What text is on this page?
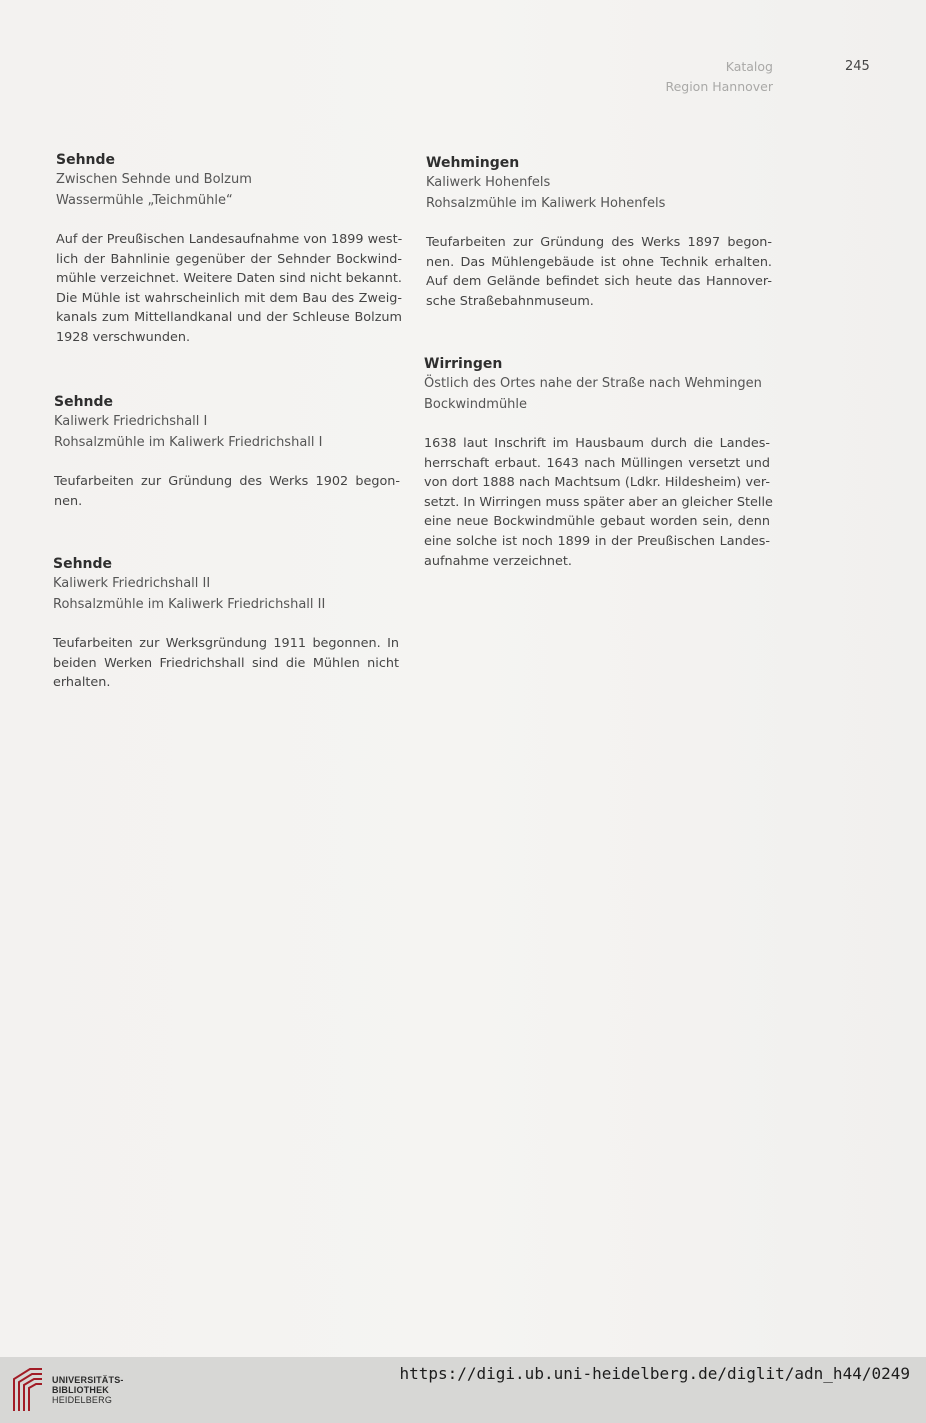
Katalog
Region Hannover
245
Sehnde
Zwischen Sehnde und Bolzum
Wassermühle „Teichmühle“
Auf der Preußischen Landesaufnahme von 1899 west-
lich der Bahnlinie gegenüber der Sehnder Bockwind-
mühle verzeichnet. Weitere Daten sind nicht bekannt.
Die Mühle ist wahrscheinlich mit dem Bau des Zweig-
kanals zum Mittellandkanal und der Schleuse Bolzum
1928 verschwunden.
Sehnde
Kaliwerk Friedrichshall I
Rohsalzmühle im Kaliwerk Friedrichshall I
Teufarbeiten zur Gründung des Werks 1902 begon-
nen.
Sehnde
Kaliwerk Friedrichshall II
Rohsalzmühle im Kaliwerk Friedrichshall II
Teufarbeiten zur Werksgründung 1911 begonnen. In
beiden Werken Friedrichshall sind die Mühlen nicht
erhalten.
Wehmingen
Kaliwerk Hohenfels
Rohsalzmühle im Kaliwerk Hohenfels
Teufarbeiten zur Gründung des Werks 1897 begon-
nen. Das Mühlengebäude ist ohne Technik erhalten.
Auf dem Gelände befindet sich heute das Hannover-
sche Straßebahnmuseum.
Wirringen
Östlich des Ortes nahe der Straße nach Wehmingen
Bockwindmühle
1638 laut Inschrift im Hausbaum durch die Landes-
herrschaft erbaut. 1643 nach Müllingen versetzt und
von dort 1888 nach Machtsum (Ldkr. Hildesheim) ver-
setzt. In Wirringen muss später aber an gleicher Stelle
eine neue Bockwindmühle gebaut worden sein, denn
eine solche ist noch 1899 in der Preußischen Landes-
aufnahme verzeichnet.
UNIVERSITÄTS-
BIBLIOTHEK
HEIDELBERG
https://digi.ub.uni-heidelberg.de/diglit/adn_h44/0249
